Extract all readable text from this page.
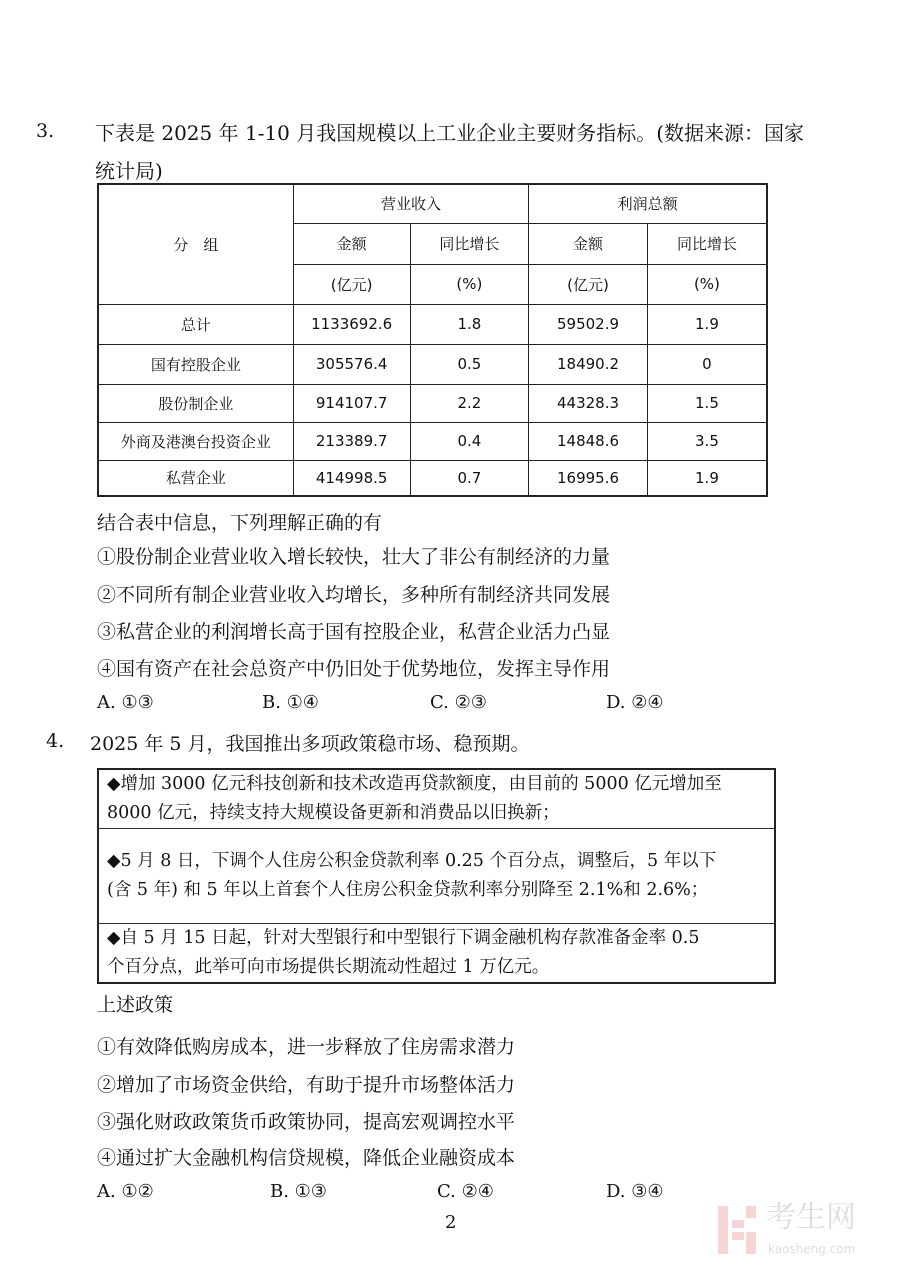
3. 下表是 2025 年 1-10 月我国规模以上工业企业主要财务指标。(数据来源：国家
统计局)
分　组	营业收入		利润总额	
	金额	同比增长	金额	同比增长
	(亿元)	(%)	(亿元)	(%)
总计	1133692.6	1.8	59502.9	1.9
国有控股企业	305576.4	0.5	18490.2	0
股份制企业	914107.7	2.2	44328.3	1.5
外商及港澳台投资企业	213389.7	0.4	14848.6	3.5
私营企业	414998.5	0.7	16995.6	1.9
结合表中信息，下列理解正确的有
①股份制企业营业收入增长较快，壮大了非公有制经济的力量
②不同所有制企业营业收入均增长，多种所有制经济共同发展
③私营企业的利润增长高于国有控股企业，私营企业活力凸显
④国有资产在社会总资产中仍旧处于优势地位，发挥主导作用
A. ①③	B. ①④	C. ②③	D. ②④
4. 2025 年 5 月，我国推出多项政策稳市场、稳预期。
◆增加 3000 亿元科技创新和技术改造再贷款额度，由目前的 5000 亿元增加至
8000 亿元，持续支持大规模设备更新和消费品以旧换新；
◆5 月 8 日，下调个人住房公积金贷款利率 0.25 个百分点，调整后，5 年以下
(含 5 年) 和 5 年以上首套个人住房公积金贷款利率分别降至 2.1%和 2.6%；
◆自 5 月 15 日起，针对大型银行和中型银行下调金融机构存款准备金率 0.5
个百分点，此举可向市场提供长期流动性超过 1 万亿元。
上述政策
①有效降低购房成本，进一步释放了住房需求潜力
②增加了市场资金供给，有助于提升市场整体活力
③强化财政政策货币政策协同，提高宏观调控水平
④通过扩大金融机构信贷规模，降低企业融资成本
A. ①②	B. ①③	C. ②④	D. ③④
2	考生网
kaosheng.com
